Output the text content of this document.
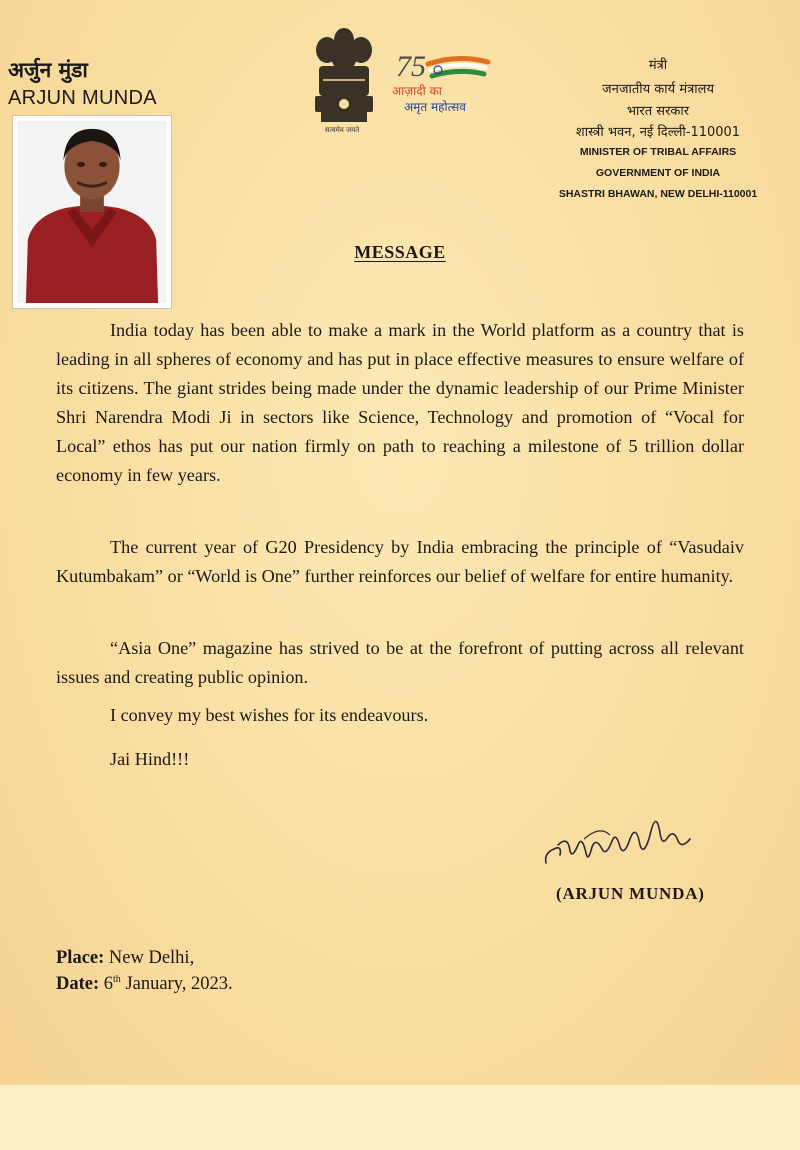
अर्जुन मुंडा
ARJUN MUNDA
सत्यमेव जयते
75
आज़ादी का
अमृत महोत्सव
मंत्री
जनजातीय कार्य मंत्रालय
भारत सरकार
शास्त्री भवन, नई दिल्ली-110001
MINISTER OF TRIBAL AFFAIRS
GOVERNMENT OF INDIA
SHASTRI BHAWAN, NEW DELHI-110001
MESSAGE

India today has been able to make a mark in the World platform as a country that is leading in all spheres of economy and has put in place effective measures to ensure welfare of its citizens. The giant strides being made under the dynamic leadership of our Prime Minister Shri Narendra Modi Ji in sectors like Science, Technology and promotion of “Vocal for Local” ethos has put our nation firmly on path to reaching a milestone of 5 trillion dollar economy in few years.

The current year of G20 Presidency by India embracing the principle of “Vasudaiv Kutumbakam” or “World is One” further reinforces our belief of welfare for entire humanity.

“Asia One” magazine has strived to be at the forefront of putting across all relevant issues and creating public opinion.

I convey my best wishes for its endeavours.
Jai Hind!!!
(ARJUN MUNDA)
Place: New Delhi,
Date: 6th January, 2023.
